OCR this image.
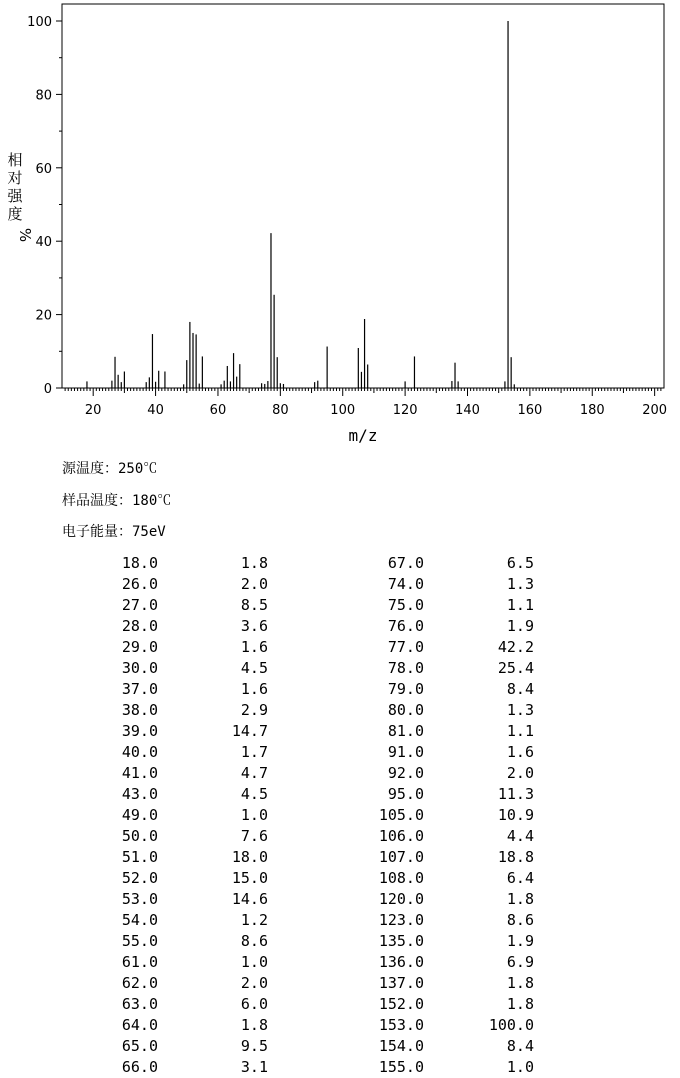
0
20
40
60
80
100
20	40	60	80	100	120	140	160	180	200
m/z
相
对
强
度
%
源温度：250℃
样品温度：180℃
电子能量：75eV
18.0	1.8	67.0	6.5
26.0	2.0	74.0	1.3
27.0	8.5	75.0	1.1
28.0	3.6	76.0	1.9
29.0	1.6	77.0	42.2
30.0	4.5	78.0	25.4
37.0	1.6	79.0	8.4
38.0	2.9	80.0	1.3
39.0	14.7	81.0	1.1
40.0	1.7	91.0	1.6
41.0	4.7	92.0	2.0
43.0	4.5	95.0	11.3
49.0	1.0	105.0	10.9
50.0	7.6	106.0	4.4
51.0	18.0	107.0	18.8
52.0	15.0	108.0	6.4
53.0	14.6	120.0	1.8
54.0	1.2	123.0	8.6
55.0	8.6	135.0	1.9
61.0	1.0	136.0	6.9
62.0	2.0	137.0	1.8
63.0	6.0	152.0	1.8
64.0	1.8	153.0	100.0
65.0	9.5	154.0	8.4
66.0	3.1	155.0	1.0
